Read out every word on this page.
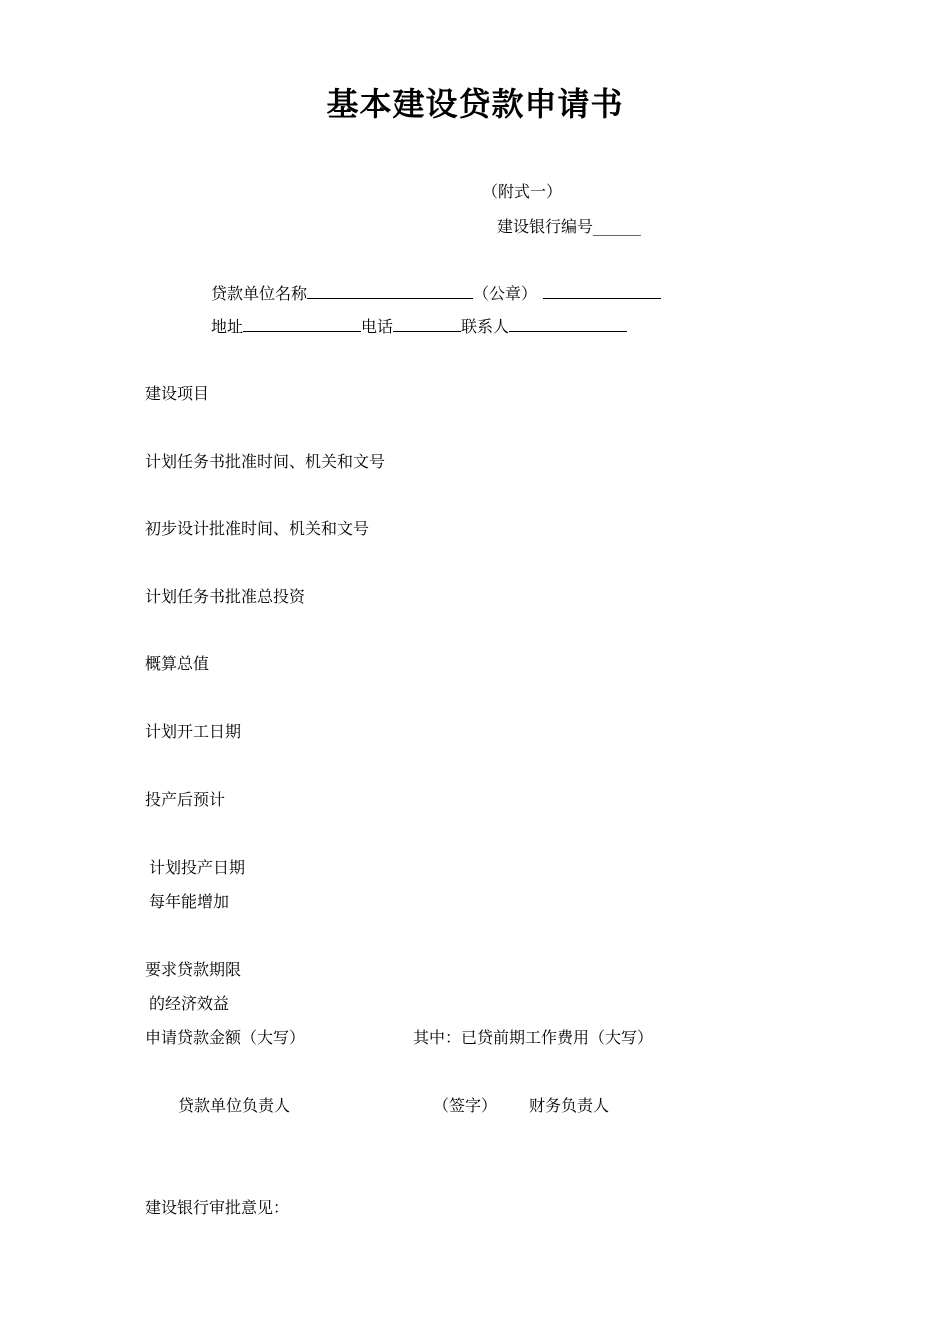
基本建设贷款申请书
（附式一）
建设银行编号______
贷款单位名称	（公章）
地址	电话	联系人
建设项目
计划任务书批准时间、机关和文号
初步设计批准时间、机关和文号
计划任务书批准总投资
概算总值
计划开工日期
投产后预计
计划投产日期
每年能增加
要求贷款期限
的经济效益
申请贷款金额（大写）	其中：已贷前期工作费用（大写）
贷款单位负责人	（签字） 财务负责人
建设银行审批意见：
